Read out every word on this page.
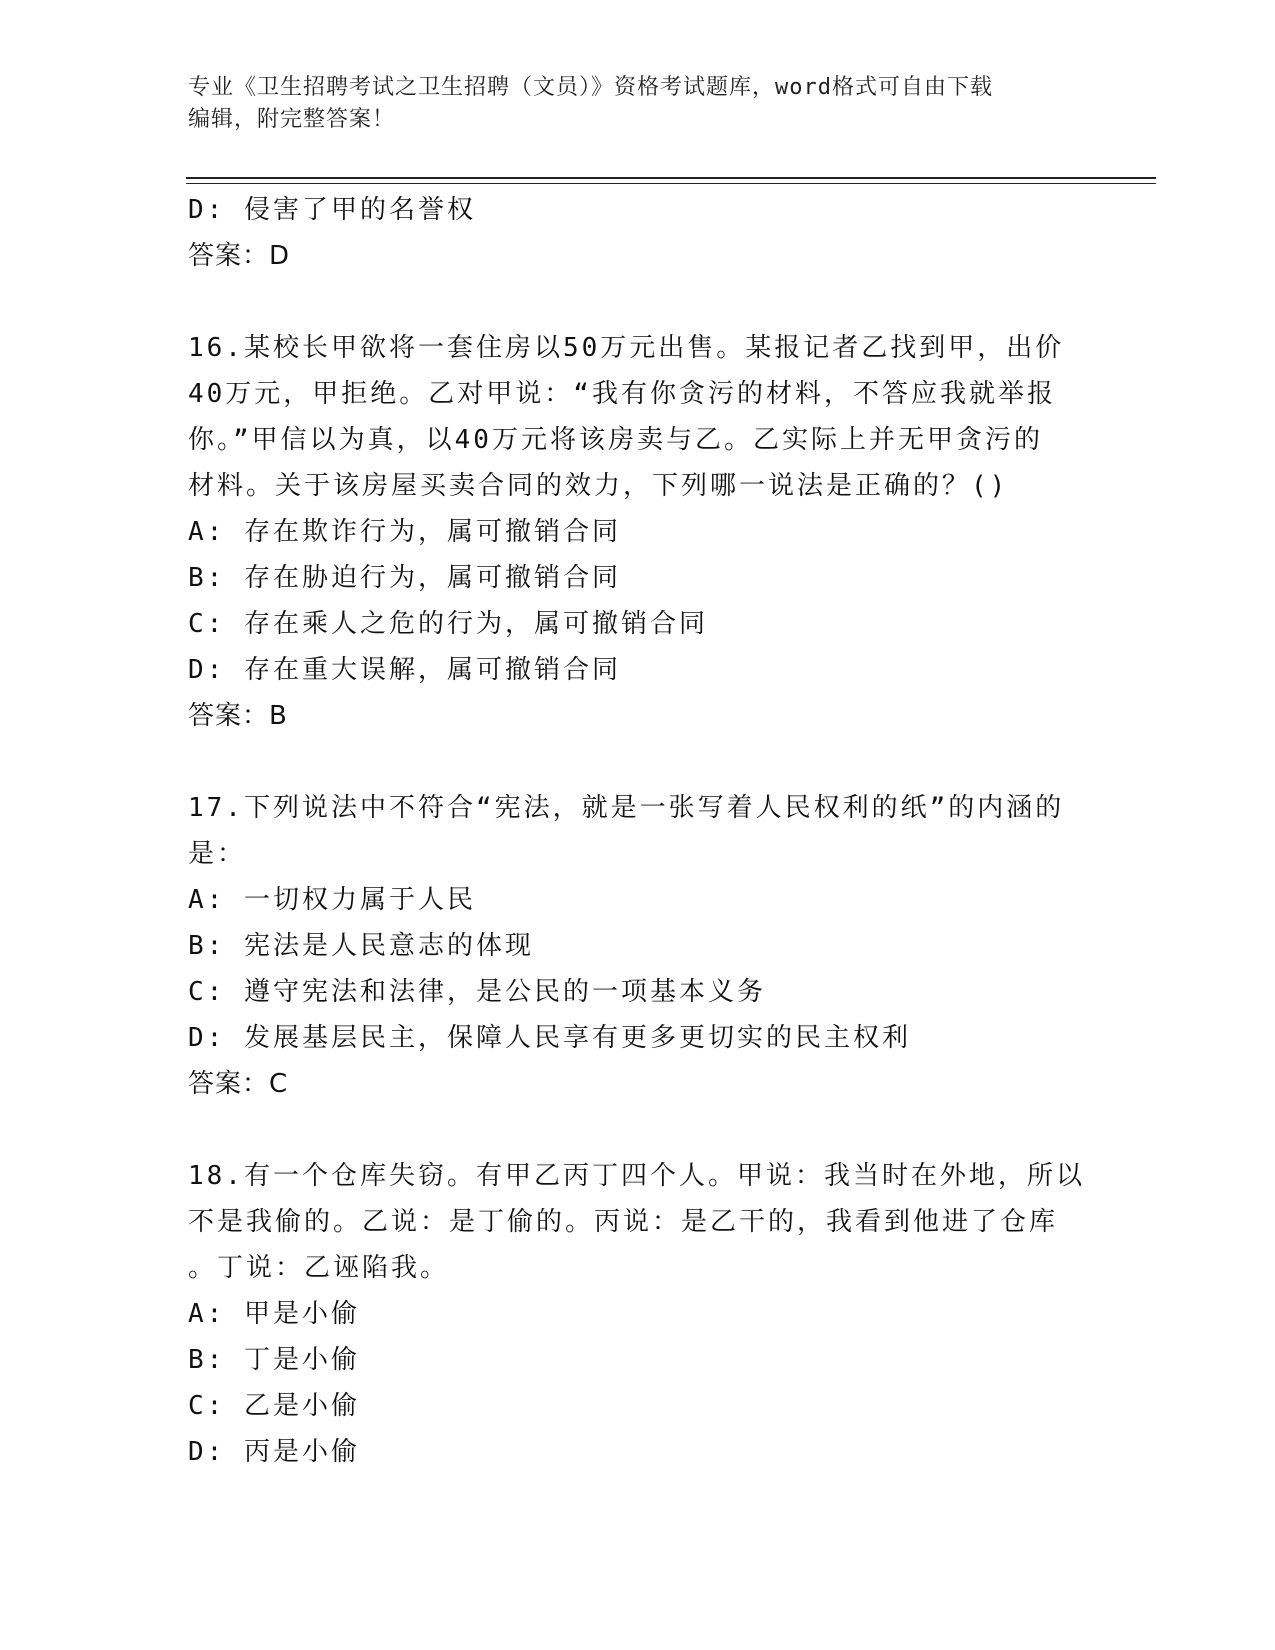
专业《卫生招聘考试之卫生招聘（文员）》资格考试题库，word格式可自由下载
编辑，附完整答案！
D: 侵害了甲的名誉权
答案：D
16.某校长甲欲将一套住房以50万元出售。某报记者乙找到甲，出价
40万元，甲拒绝。乙对甲说：“我有你贪污的材料，不答应我就举报
你。”甲信以为真，以40万元将该房卖与乙。乙实际上并无甲贪污的
材料。关于该房屋买卖合同的效力，下列哪一说法是正确的？()
A: 存在欺诈行为，属可撤销合同
B: 存在胁迫行为，属可撤销合同
C: 存在乘人之危的行为，属可撤销合同
D: 存在重大误解，属可撤销合同
答案：B
17.下列说法中不符合“宪法，就是一张写着人民权利的纸”的内涵的
是：
A: 一切权力属于人民
B: 宪法是人民意志的体现
C: 遵守宪法和法律，是公民的一项基本义务
D: 发展基层民主，保障人民享有更多更切实的民主权利
答案：C
18.有一个仓库失窃。有甲乙丙丁四个人。甲说：我当时在外地，所以
不是我偷的。乙说：是丁偷的。丙说：是乙干的，我看到他进了仓库
。丁说：乙诬陷我。
A: 甲是小偷
B: 丁是小偷
C: 乙是小偷
D: 丙是小偷
